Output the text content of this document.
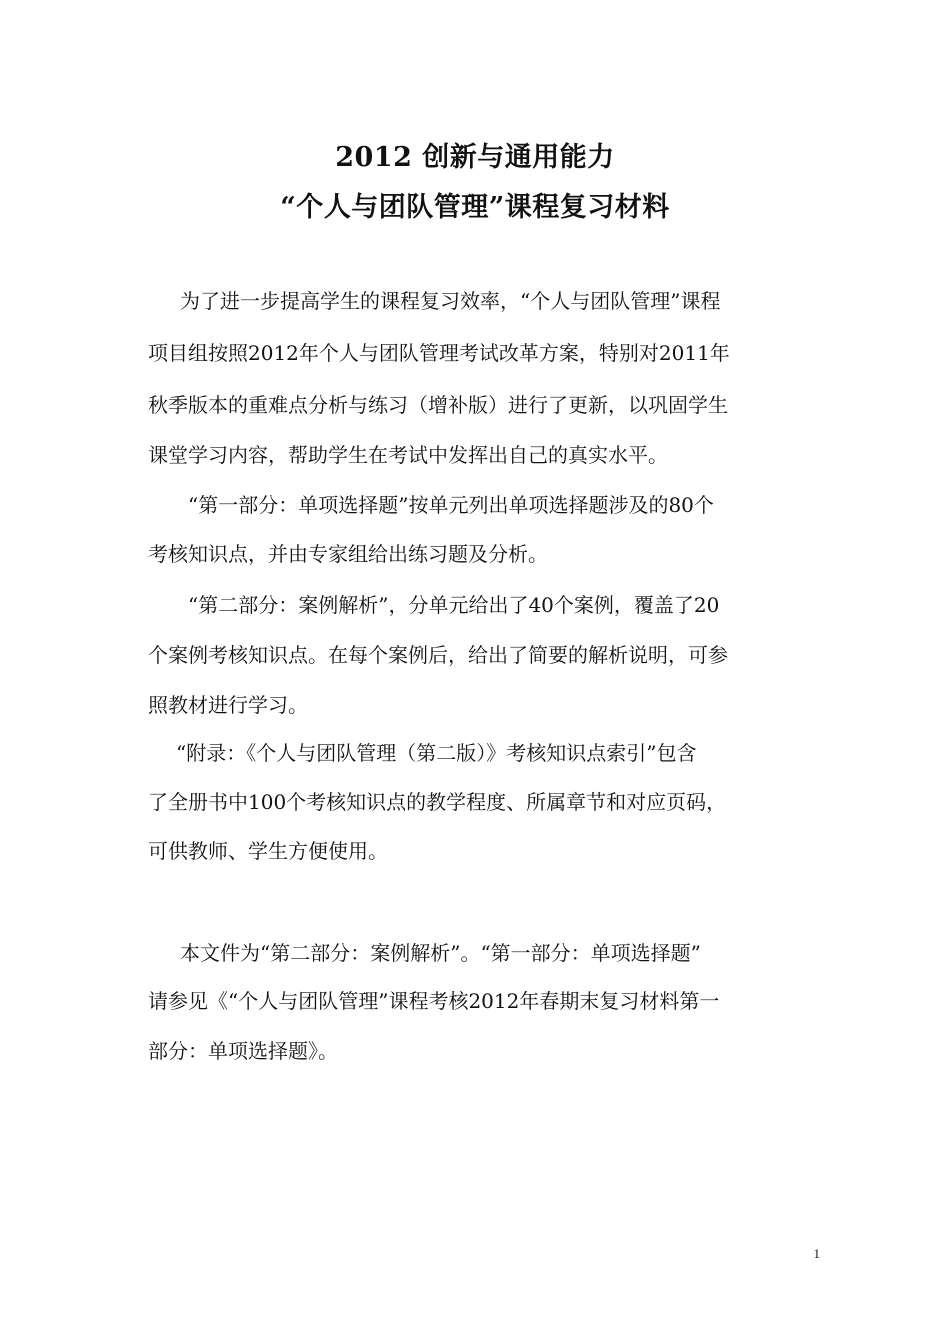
2012 创新与通用能力
“个人与团队管理”课程复习材料

为了进一步提高学生的课程复习效率，“个人与团队管理”课程

项目组按照2012年个人与团队管理考试改革方案，特别对2011年

秋季版本的重难点分析与练习（增补版）进行了更新，以巩固学生

课堂学习内容，帮助学生在考试中发挥出自己的真实水平。

“第一部分：单项选择题”按单元列出单项选择题涉及的80个

考核知识点，并由专家组给出练习题及分析。

“第二部分：案例解析”，分单元给出了40个案例，覆盖了20

个案例考核知识点。在每个案例后，给出了简要的解析说明，可参

照教材进行学习。

“附录：《个人与团队管理（第二版）》考核知识点索引”包含

了全册书中100个考核知识点的教学程度、所属章节和对应页码，

可供教师、学生方便使用。

本文件为“第二部分：案例解析”。“第一部分：单项选择题”

请参见《“个人与团队管理”课程考核2012年春期末复习材料第一

部分：单项选择题》。

1
